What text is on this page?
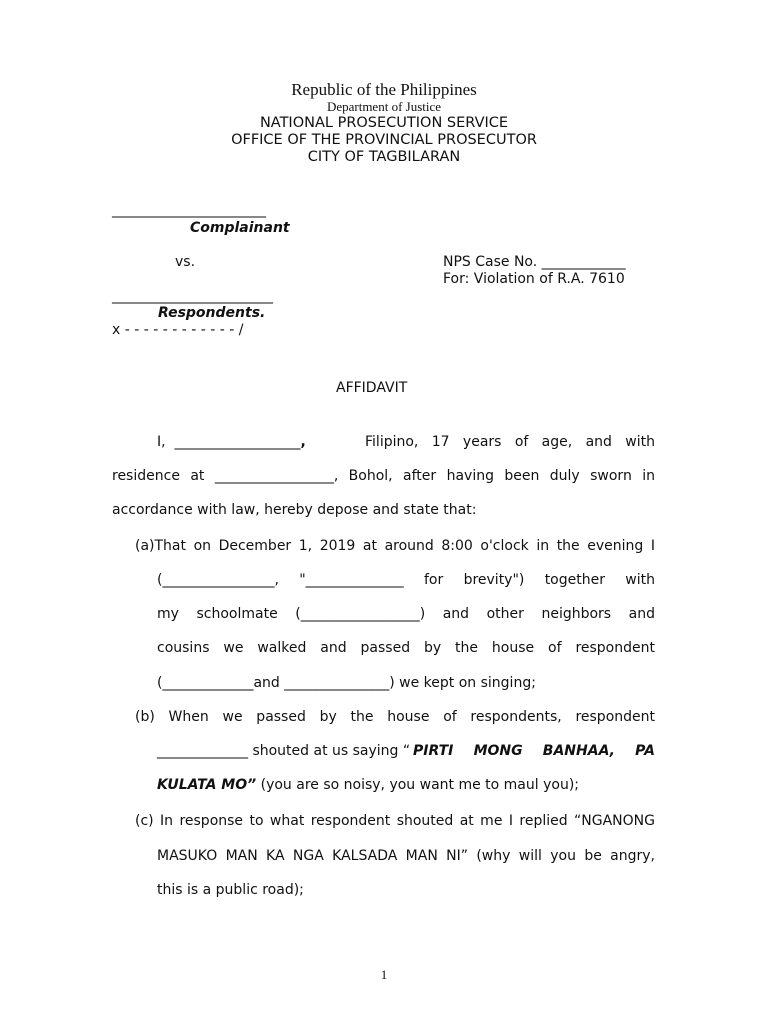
Republic of the Philippines
Department of Justice
NATIONAL PROSECUTION SERVICE
OFFICE OF THE PROVINCIAL PROSECUTOR
CITY OF TAGBILARAN
______________________
Complainant
vs.	NPS Case No. ____________
For: Violation of R.A. 7610
_______________________
Respondents.
x - - - - - - - - - - - - /
AFFIDAVIT
I, __________________,	Filipino, 17 years of age, and with
residence at _________________, Bohol, after having been duly sworn in
accordance with law, hereby depose and state that:
(a)That on December 1, 2019 at around 8:00 o'clock in the evening I
(________________, "______________ for brevity") together with
my schoolmate (_________________) and other neighbors and
cousins we walked and passed by the house of respondent
(_____________and _______________) we kept on singing;
(b) When we passed by the house of respondents, respondent
_____________ shouted at us saying “ PIRTI MONG BANHAA, PA
KULATA MO” (you are so noisy, you want me to maul you);
(c) In response to what respondent shouted at me I replied “NGANONG
MASUKO MAN KA NGA KALSADA MAN NI” (why will you be angry,
this is a public road);
1
